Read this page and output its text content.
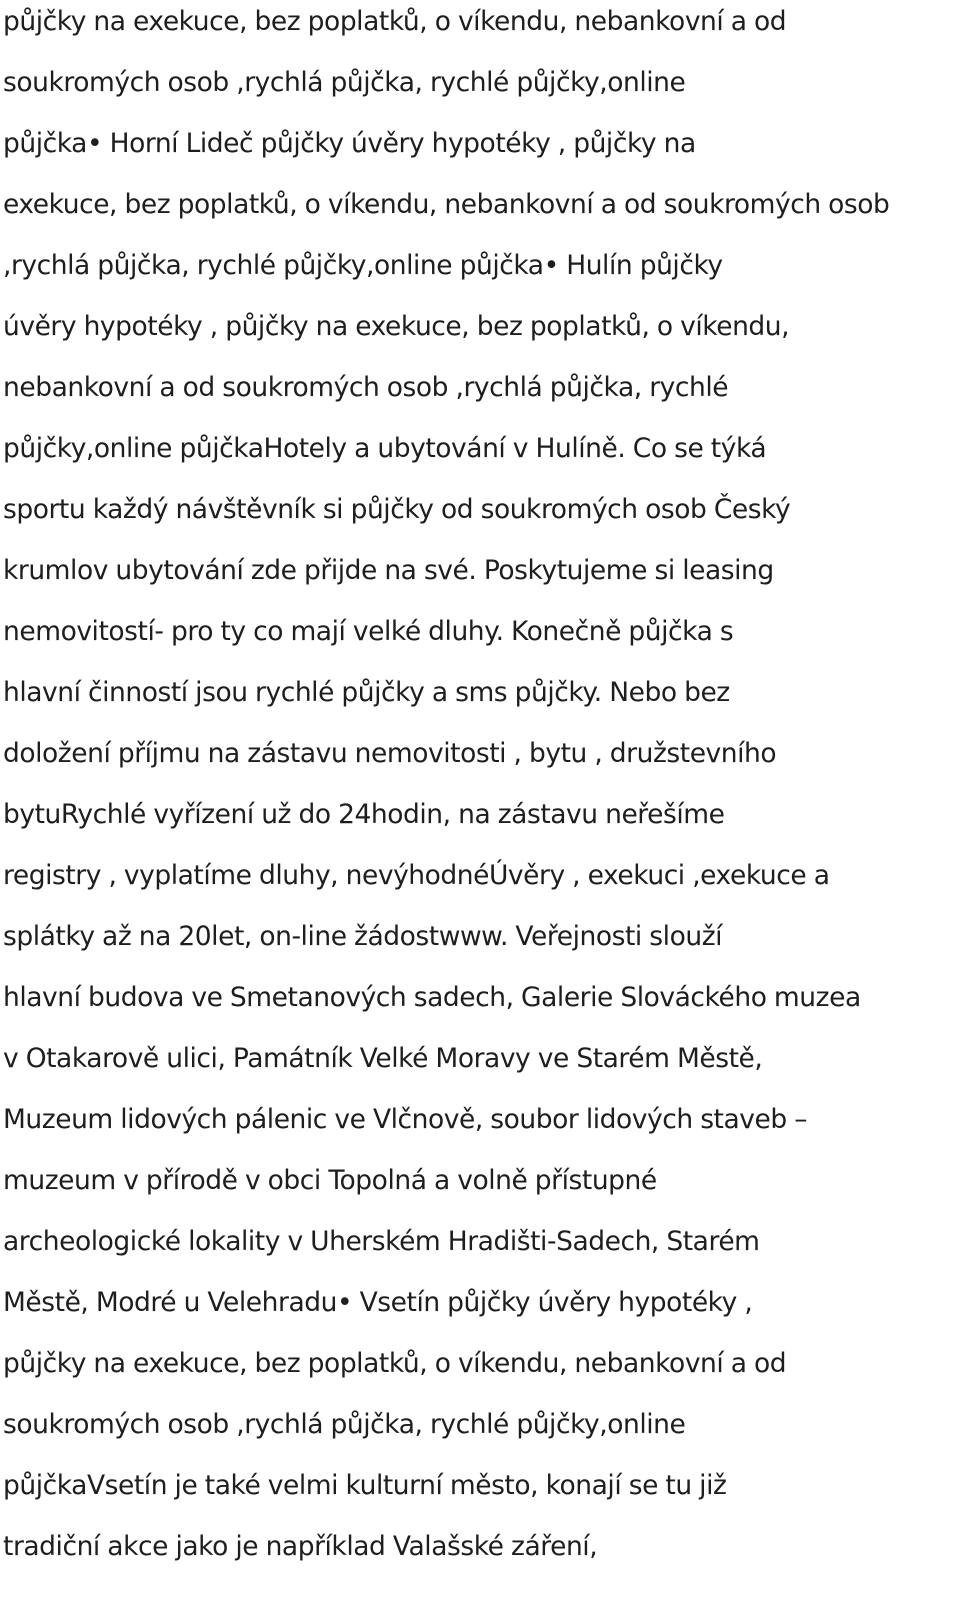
půjčky na exekuce, bez poplatků, o víkendu, nebankovní a od
soukromých osob ,rychlá půjčka, rychlé půjčky,online
půjčka• Horní Lideč půjčky úvěry hypotéky , půjčky na
exekuce, bez poplatků, o víkendu, nebankovní a od soukromých osob
,rychlá půjčka, rychlé půjčky,online půjčka• Hulín půjčky
úvěry hypotéky , půjčky na exekuce, bez poplatků, o víkendu,
nebankovní a od soukromých osob ,rychlá půjčka, rychlé
půjčky,online půjčkaHotely a ubytování v Hulíně. Co se týká
sportu každý návštěvník si půjčky od soukromých osob Český
krumlov ubytování zde přijde na své. Poskytujeme si leasing
nemovitostí- pro ty co mají velké dluhy. Konečně půjčka s
hlavní činností jsou rychlé půjčky a sms půjčky. Nebo bez
doložení příjmu na zástavu nemovitosti , bytu , družstevního
bytuRychlé vyřízení už do 24hodin, na zástavu neřešíme
registry , vyplatíme dluhy, nevýhodnéÚvěry , exekuci ,exekuce a
splátky až na 20let, on-line žádostwww. Veřejnosti slouží
hlavní budova ve Smetanových sadech, Galerie Slováckého muzea
v Otakarově ulici, Památník Velké Moravy ve Starém Městě,
Muzeum lidových pálenic ve Vlčnově, soubor lidových staveb –
muzeum v přírodě v obci Topolná a volně přístupné
archeologické lokality v Uherském Hradišti-Sadech, Starém
Městě, Modré u Velehradu• Vsetín půjčky úvěry hypotéky ,
půjčky na exekuce, bez poplatků, o víkendu, nebankovní a od
soukromých osob ,rychlá půjčka, rychlé půjčky,online
půjčkaVsetín je také velmi kulturní město, konají se tu již
tradiční akce jako je například Valašské záření,
